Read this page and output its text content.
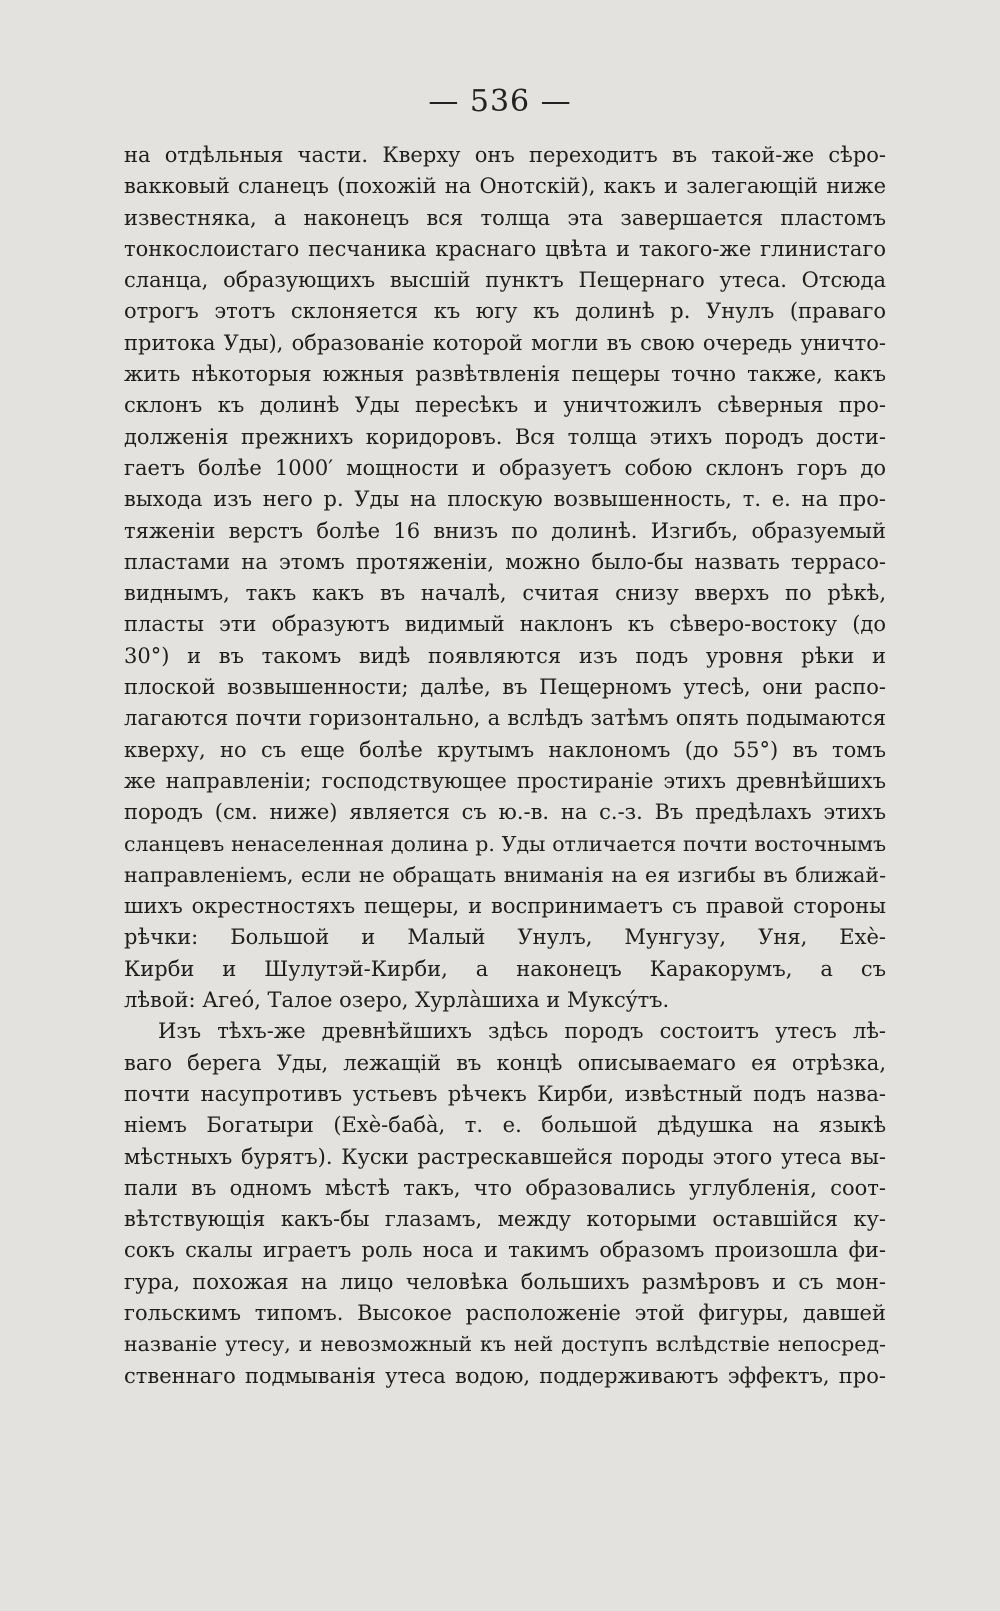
— 536 —
на отдѣльныя части. Кверху онъ переходитъ въ такой-же сѣро-
вакковый сланецъ (похожій на Онотскій), какъ и залегающій ниже
известняка, а наконецъ вся толща эта завершается пластомъ
тонкослоистаго песчаника краснаго цвѣта и такого-же глинистаго
сланца, образующихъ высшій пунктъ Пещернаго утеса. Отсюда
отрогъ этотъ склоняется къ югу къ долинѣ р. Унулъ (праваго
притока Уды), образованіе которой могли въ свою очередь уничто-
жить нѣкоторыя южныя развѣтвленія пещеры точно также, какъ
склонъ къ долинѣ Уды пересѣкъ и уничтожилъ сѣверныя про-
долженія прежнихъ коридоровъ. Вся толща этихъ породъ дости-
гаетъ болѣе 1000′ мощности и образуетъ собою склонъ горъ до
выхода изъ него р. Уды на плоскую возвышенность, т. е. на про-
тяженіи верстъ болѣе 16 внизъ по долинѣ. Изгибъ, образуемый
пластами на этомъ протяженіи, можно было-бы назвать террасо-
виднымъ, такъ какъ въ началѣ, считая снизу вверхъ по рѣкѣ,
пласты эти образуютъ видимый наклонъ къ сѣверо-востоку (до
30°) и въ такомъ видѣ появляются изъ подъ уровня рѣки и
плоской возвышенности; далѣе, въ Пещерномъ утесѣ, они распо-
лагаются почти горизонтально, а вслѣдъ затѣмъ опять подымаются
кверху, но съ еще болѣе крутымъ наклономъ (до 55°) въ томъ
же направленіи; господствующее простираніе этихъ древнѣйшихъ
породъ (см. ниже) является съ ю.-в. на с.-з. Въ предѣлахъ этихъ
сланцевъ ненаселенная долина р. Уды отличается почти восточнымъ
направленіемъ, если не обращать вниманія на ея изгибы въ ближай-
шихъ окрестностяхъ пещеры, и воспринимаетъ съ правой стороны
рѣчки: Большой и Малый Унулъ, Мунгузу, Уня, Ехè-
Кирби и Шулутэй-Кирби, а наконецъ Каракорумъ, а съ
лѣвой: Агеó, Талое озеро, Хурлàшиха и Муксýтъ.
Изъ тѣхъ-же древнѣйшихъ здѣсь породъ состоитъ утесъ лѣ-
ваго берега Уды, лежащій въ концѣ описываемаго ея отрѣзка,
почти насупротивъ устьевъ рѣчекъ Кирби, извѣстный подъ назва-
ніемъ Богатыри (Ехè-бабà, т. е. большой дѣдушка на языкѣ
мѣстныхъ бурятъ). Куски растрескавшейся породы этого утеса вы-
пали въ одномъ мѣстѣ такъ, что образовались углубленія, соот-
вѣтствующія какъ-бы глазамъ, между которыми оставшійся ку-
сокъ скалы играетъ роль носа и такимъ образомъ произошла фи-
гура, похожая на лицо человѣка большихъ размѣровъ и съ мон-
гольскимъ типомъ. Высокое расположеніе этой фигуры, давшей
названіе утесу, и невозможный къ ней доступъ вслѣдствіе непосред-
ственнаго подмыванія утеса водою, поддерживаютъ эффектъ, про-
